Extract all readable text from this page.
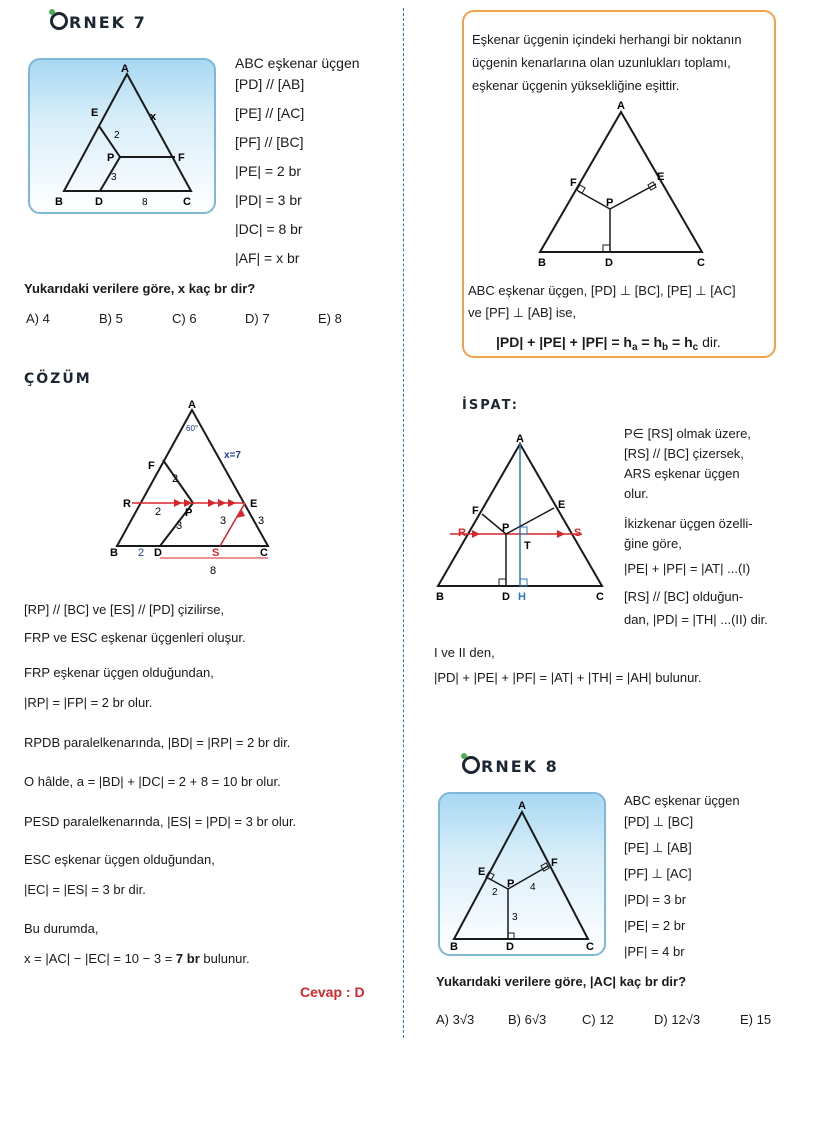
RNEK 7
A
E
F
P
B	D	C
2
3
8
x
ABC eşkenar üçgen
[PD] // [AB]
[PE] // [AC]
[PF] // [BC]
|PE| = 2 br
|PD| = 3 br
|DC| = 8 br
|AF| = x br
Yukarıdaki verilere göre, x kaç br dir?
A) 4	B) 5	C) 6	D) 7	E) 8
ÇÖZÜM
A
F
R	E
P
B	D	S	C
x=7
60°
2
2
2
3	3	3
8
[RP] // [BC] ve [ES] // [PD] çizilirse,
FRP ve ESC eşkenar üçgenleri oluşur.
FRP eşkenar üçgen olduğundan,
|RP| = |FP| = 2 br olur.
RPDB paralelkenarında, |BD| = |RP| = 2 br dir.
O hâlde, a = |BD| + |DC| = 2 + 8 = 10 br olur.
PESD paralelkenarında, |ES| = |PD| = 3 br olur.
ESC eşkenar üçgen olduğundan,
|EC| = |ES| = 3 br dir.
Bu durumda,
x = |AC| − |EC| = 10 − 3 = 7 br bulunur.
Cevap : D
Eşkenar üçgenin içindeki herhangi bir noktanın
üçgenin kenarlarına olan uzunlukları toplamı,
eşkenar üçgenin yüksekliğine eşittir.
A
F	E
P
B	D	C
ABC eşkenar üçgen, [PD] ⊥ [BC], [PE] ⊥ [AC]
ve [PF] ⊥ [AB] ise,
$|PD| + |PE| + |PF| = h_a = h_b = h_c$ dir.
İSPAT:
A
F	E
R	S
P
T
B	D H	C
P∈ [RS] olmak üzere,
[RS] // [BC] çizersek,
ARS eşkenar üçgen
olur.
İkizkenar üçgen özelli-
ğine göre,
|PE| + |PF| = |AT| ...(I)
[RS] // [BC] olduğun-
dan, |PD| = |TH| ...(II) dir.
I ve II den,
|PD| + |PE| + |PF| = |AT| + |TH| = |AH| bulunur.
RNEK 8
A
E
F
P
B	D	C
2
3
4
ABC eşkenar üçgen
[PD] ⊥ [BC]
[PE] ⊥ [AB]
[PF] ⊥ [AC]
|PD| = 3 br
|PE| = 2 br
|PF| = 4 br
Yukarıdaki verilere göre, |AC| kaç br dir?
A) 3√3	B) 6√3	C) 12	D) 12√3	E) 15
